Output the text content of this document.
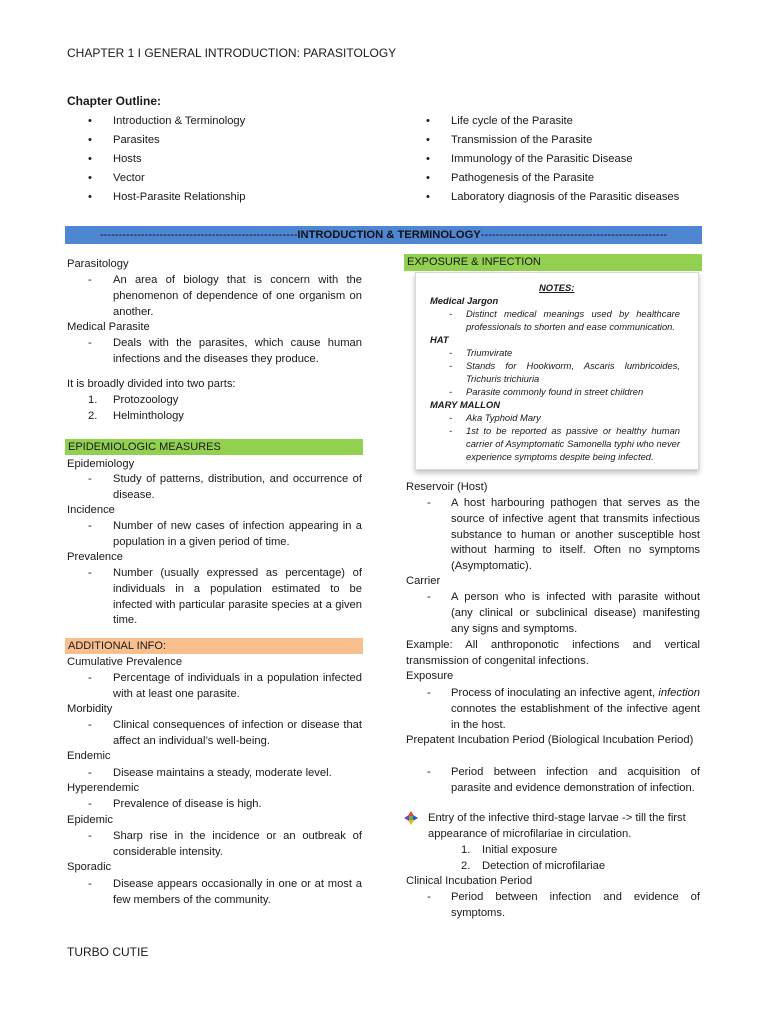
CHAPTER 1 I GENERAL INTRODUCTION: PARASITOLOGY
Chapter Outline:
• Introduction & Terminology
• Parasites
• Hosts
• Vector
• Host-Parasite Relationship
• Life cycle of the Parasite
• Transmission of the Parasite
• Immunology of the Parasitic Disease
• Pathogenesis of the Parasite
• Laboratory diagnosis of the Parasitic diseases
-----------------------------------------------------INTRODUCTION & TERMINOLOGY--------------------------------------------------
Parasitology
- An area of biology that is concern with the phenomenon of dependence of one organism on another.
Medical Parasite
- Deals with the parasites, which cause human infections and the diseases they produce.
It is broadly divided into two parts:
1. Protozoology
2. Helminthology
EPIDEMIOLOGIC MEASURES
Epidemiology
- Study of patterns, distribution, and occurrence of disease.
Incidence
- Number of new cases of infection appearing in a population in a given period of time.
Prevalence
- Number (usually expressed as percentage) of individuals in a population estimated to be infected with particular parasite species at a given time.
ADDITIONAL INFO:
Cumulative Prevalence
- Percentage of individuals in a population infected with at least one parasite.
Morbidity
- Clinical consequences of infection or disease that affect an individual’s well-being.
Endemic
- Disease maintains a steady, moderate level.
Hyperendemic
- Prevalence of disease is high.
Epidemic
- Sharp rise in the incidence or an outbreak of considerable intensity.
Sporadic
- Disease appears occasionally in one or at most a few members of the community.
EXPOSURE & INFECTION
NOTES:
Medical Jargon
- Distinct medical meanings used by healthcare professionals to shorten and ease communication.
HAT
- Triumvirate
- Stands for Hookworm, Ascaris lumbricoides, Trichuris trichiuria
- Parasite commonly found in street children
MARY MALLON
- Aka Typhoid Mary
- 1st to be reported as passive or healthy human carrier of Asymptomatic Samonella typhi who never experience symptoms despite being infected.
Reservoir (Host)
- A host harbouring pathogen that serves as the source of infective agent that transmits infectious substance to human or another susceptible host without harming to itself. Often no symptoms (Asymptomatic).
Carrier
- A person who is infected with parasite without (any clinical or subclinical disease) manifesting any signs and symptoms.
Example: All anthroponotic infections and vertical transmission of congenital infections.
Exposure
- Process of inoculating an infective agent, infection connotes the establishment of the infective agent in the host.
Prepatent Incubation Period (Biological Incubation Period)
- Period between infection and acquisition of parasite and evidence demonstration of infection.
Entry of the infective third-stage larvae -> till the first appearance of microfilariae in circulation.
1. Initial exposure
2. Detection of microfilariae
Clinical Incubation Period
- Period between infection and evidence of symptoms.
TURBO CUTIE
